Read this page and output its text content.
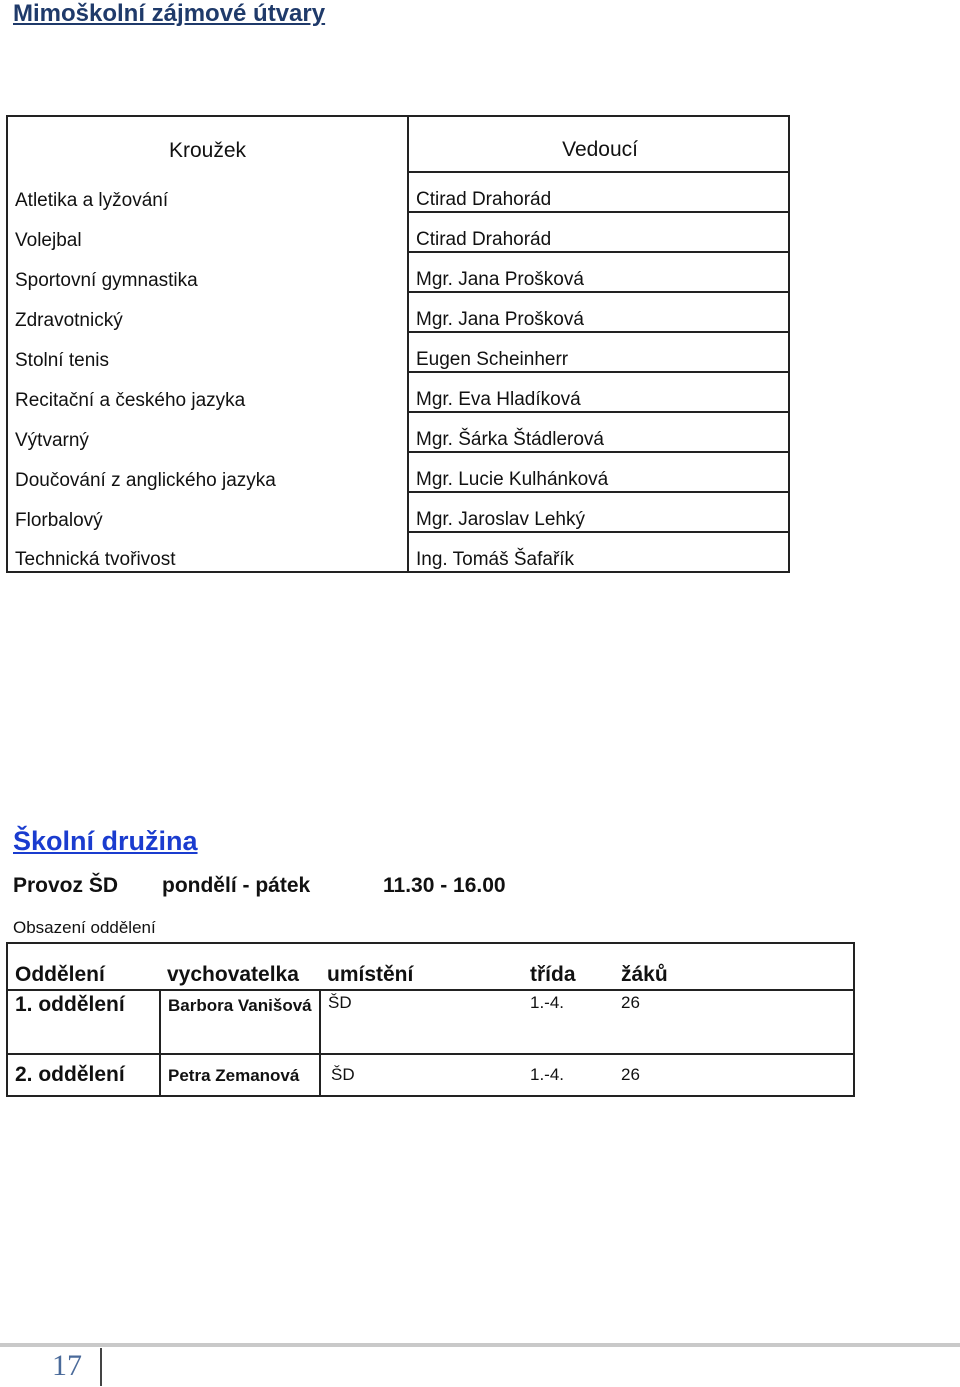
Mimoškolní zájmové útvary
Kroužek	Vedoucí
Atletika a lyžování	Ctirad Drahorád
Volejbal	Ctirad Drahorád
Sportovní gymnastika	Mgr. Jana Prošková
Zdravotnický	Mgr. Jana Prošková
Stolní tenis	Eugen Scheinherr
Recitační a českého jazyka	Mgr. Eva Hladíková
Výtvarný	Mgr. Šárka Štádlerová
Doučování z anglického jazyka	Mgr. Lucie Kulhánková
Florbalový	Mgr. Jaroslav Lehký
Technická tvořivost	Ing. Tomáš Šafařík
Školní družina
Provoz ŠD pondělí - pátek	11.30 - 16.00
Obsazení oddělení
Oddělení	vychovatelka	umístění	třída	žáků
1. oddělení	Barbora Vanišová	ŠD	1.-4.	26
2. oddělení	Petra Zemanová	ŠD	1.-4.	26
17
